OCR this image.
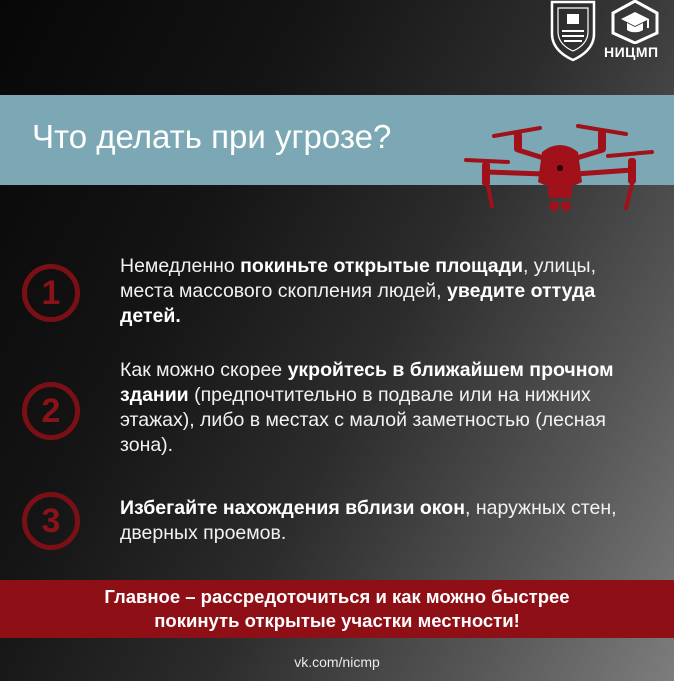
НИЦМП
Что делать при угрозе?
1
Немедленно покиньте открытые площади, улицы, места массового скопления людей, уведите оттуда детей.
2
Как можно скорее укройтесь в ближайшем прочном здании (предпочтительно в подвале или на нижних этажах), либо в местах с малой заметностью (лесная зона).
3	Избегайте нахождения вблизи окон, наружных стен, дверных проемов.
Главное – рассредоточиться и как можно быстрее
покинуть открытые участки местности!
vk.com/nicmp
